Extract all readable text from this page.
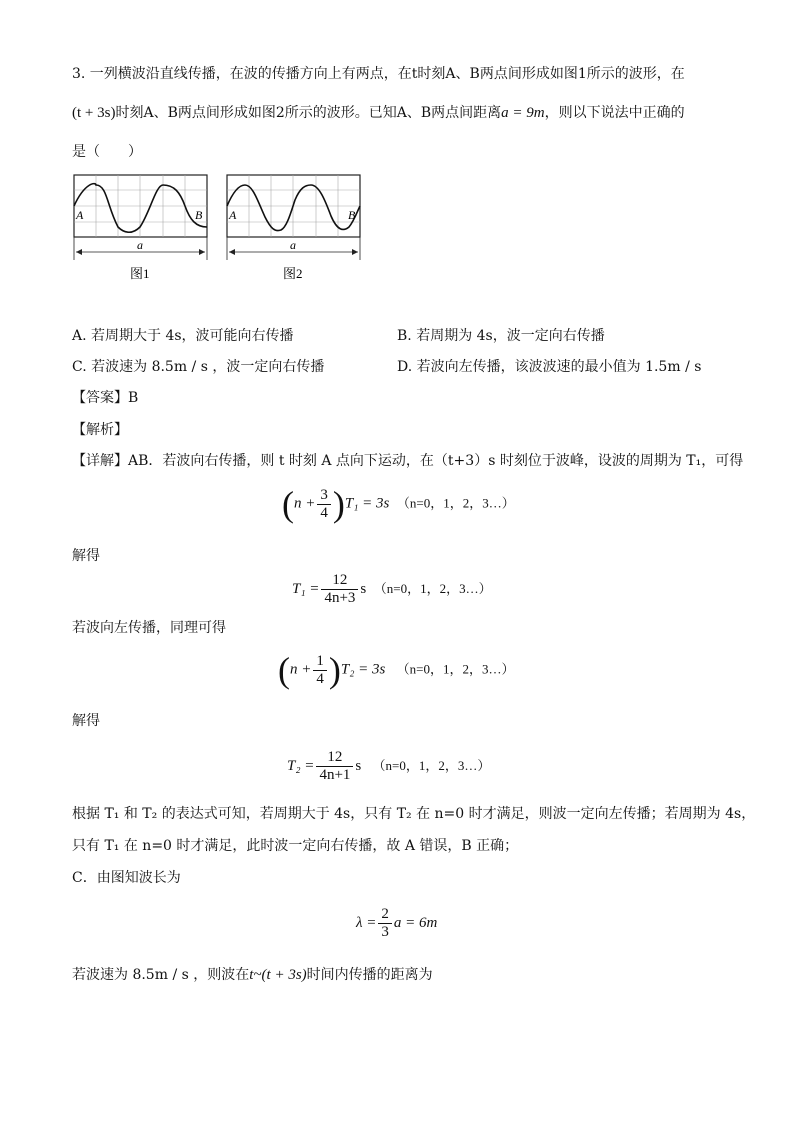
3. 一列横波沿直线传播，在波的传播方向上有两点，在t时刻A、B两点间形成如图1所示的波形，在
(t + 3s)时刻A、B两点间形成如图2所示的波形。已知A、B两点间距离a = 9m，则以下说法中正确的
是（　　）
A	B
a
图1
A	B
a
图2
A. 若周期大于 4s，波可能向右传播	B. 若周期为 4s，波一定向右传播
C. 若波速为 8.5m / s ，波一定向右传播	D. 若波向左传播，该波波速的最小值为 1.5m / s
【答案】B
【解析】
【详解】AB．若波向右传播，则 t 时刻 A 点向下运动，在（t+3）s 时刻位于波峰，设波的周期为 T₁，可得
$(n + \frac{3}{4} )T_1 = 3s$ （n=0，1，2，3…）
解得
$T_1 = \frac{12}{4n+3}$ s （n=0，1，2，3…）
若波向左传播，同理可得
$(n + \frac{1}{4} )T_2 = 3s$ （n=0，1，2，3…）
解得
$T_2 = \frac{12}{4n+1}$ s （n=0，1，2，3…）
根据 T₁ 和 T₂ 的表达式可知，若周期大于 4s，只有 T₂ 在 n=0 时才满足，则波一定向左传播；若周期为 4s，
只有 T₁ 在 n=0 时才满足，此时波一定向右传播，故 A 错误，B 正确；
C．由图知波长为
$\lambda = \frac{2}{3}$ a = 6m
若波速为 8.5m / s ，则波在t~(t + 3s)时间内传播的距离为
